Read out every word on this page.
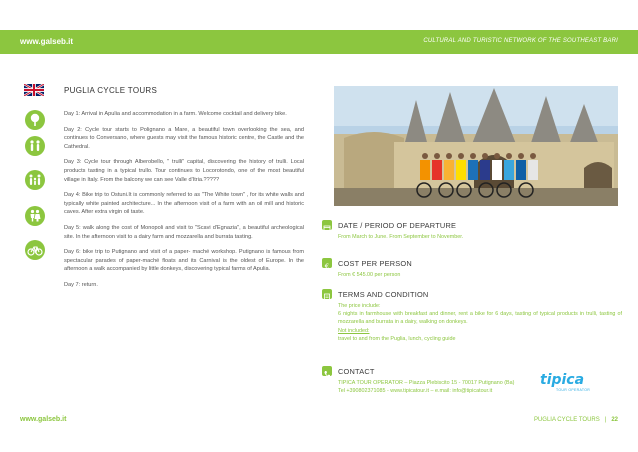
www.galseb.it	CULTURAL AND TURISTIC NETWORK OF THE SOUTHEAST BARI
PUGLIA CYCLE TOURS

Day 1: Arrival in Apulia and accommodation in a farm. Welcome cocktail and delivery bike.

Day 2: Cycle tour starts to Polignano a Mare, a beautiful town overlooking the sea, and continues to Conversano, where guests may visit the famous historic centre, the Castle and the Cathedral.

Day 3: Cycle tour through Alberobello, " trulli" capital, discovering the history of trulli. Local products tasting in a typical trullo. Tour continues to Locorotondo, one of the most beautiful village in Italy. From the balcony we can see Valle d'Itria.?????

Day 4: Bike trip to Ostuni.It is commonly referred to as "The White town" , for its white walls and typically white painted architecture... In the afternoon visit of a farm with an oil mill and historic caves. After extra virgin oil taste.

Day 5: walk along the cost of Monopoli and visit to "Scavi d'Egnazia", a beautiful archeological site. In the afternoon visit to a dairy farm and mozzarella and burrata tasting.

Day 6: bike trip to Putignano and visit of a paper- maché workshop. Putignano is famous from spectacular parades of paper-maché floats and its Carnival is the oldest of Europe. In the afternoon a walk accompanied by little donkeys, discovering typical farms of Apulia.

Day 7: return.

DATE / PERIOD OF DEPARTURE
From March to June. From September to November.
€ COST PER PERSON
From € 545.00 per person
TERMS AND CONDITION
The price include:
6 nights in farmhouse with breakfast and dinner, rent a bike for 6 days, tasting of typical products in trulli, tasting of mozzarella and burrata in a dairy, walking on donkeys.
Not included:
travel to and from the Puglia, lunch, cycling guide
CONTACT
TIPICA TOUR OPERATOR – Piazza Plebiscito 15 - 70017 Putignano (Ba)
Tel +390802371085 - www.tipicatour.it – e.mail: info@tipicatour.it
tipica
TOUR OPERATOR
www.galseb.it	PUGLIA CYCLE TOURS | 22
